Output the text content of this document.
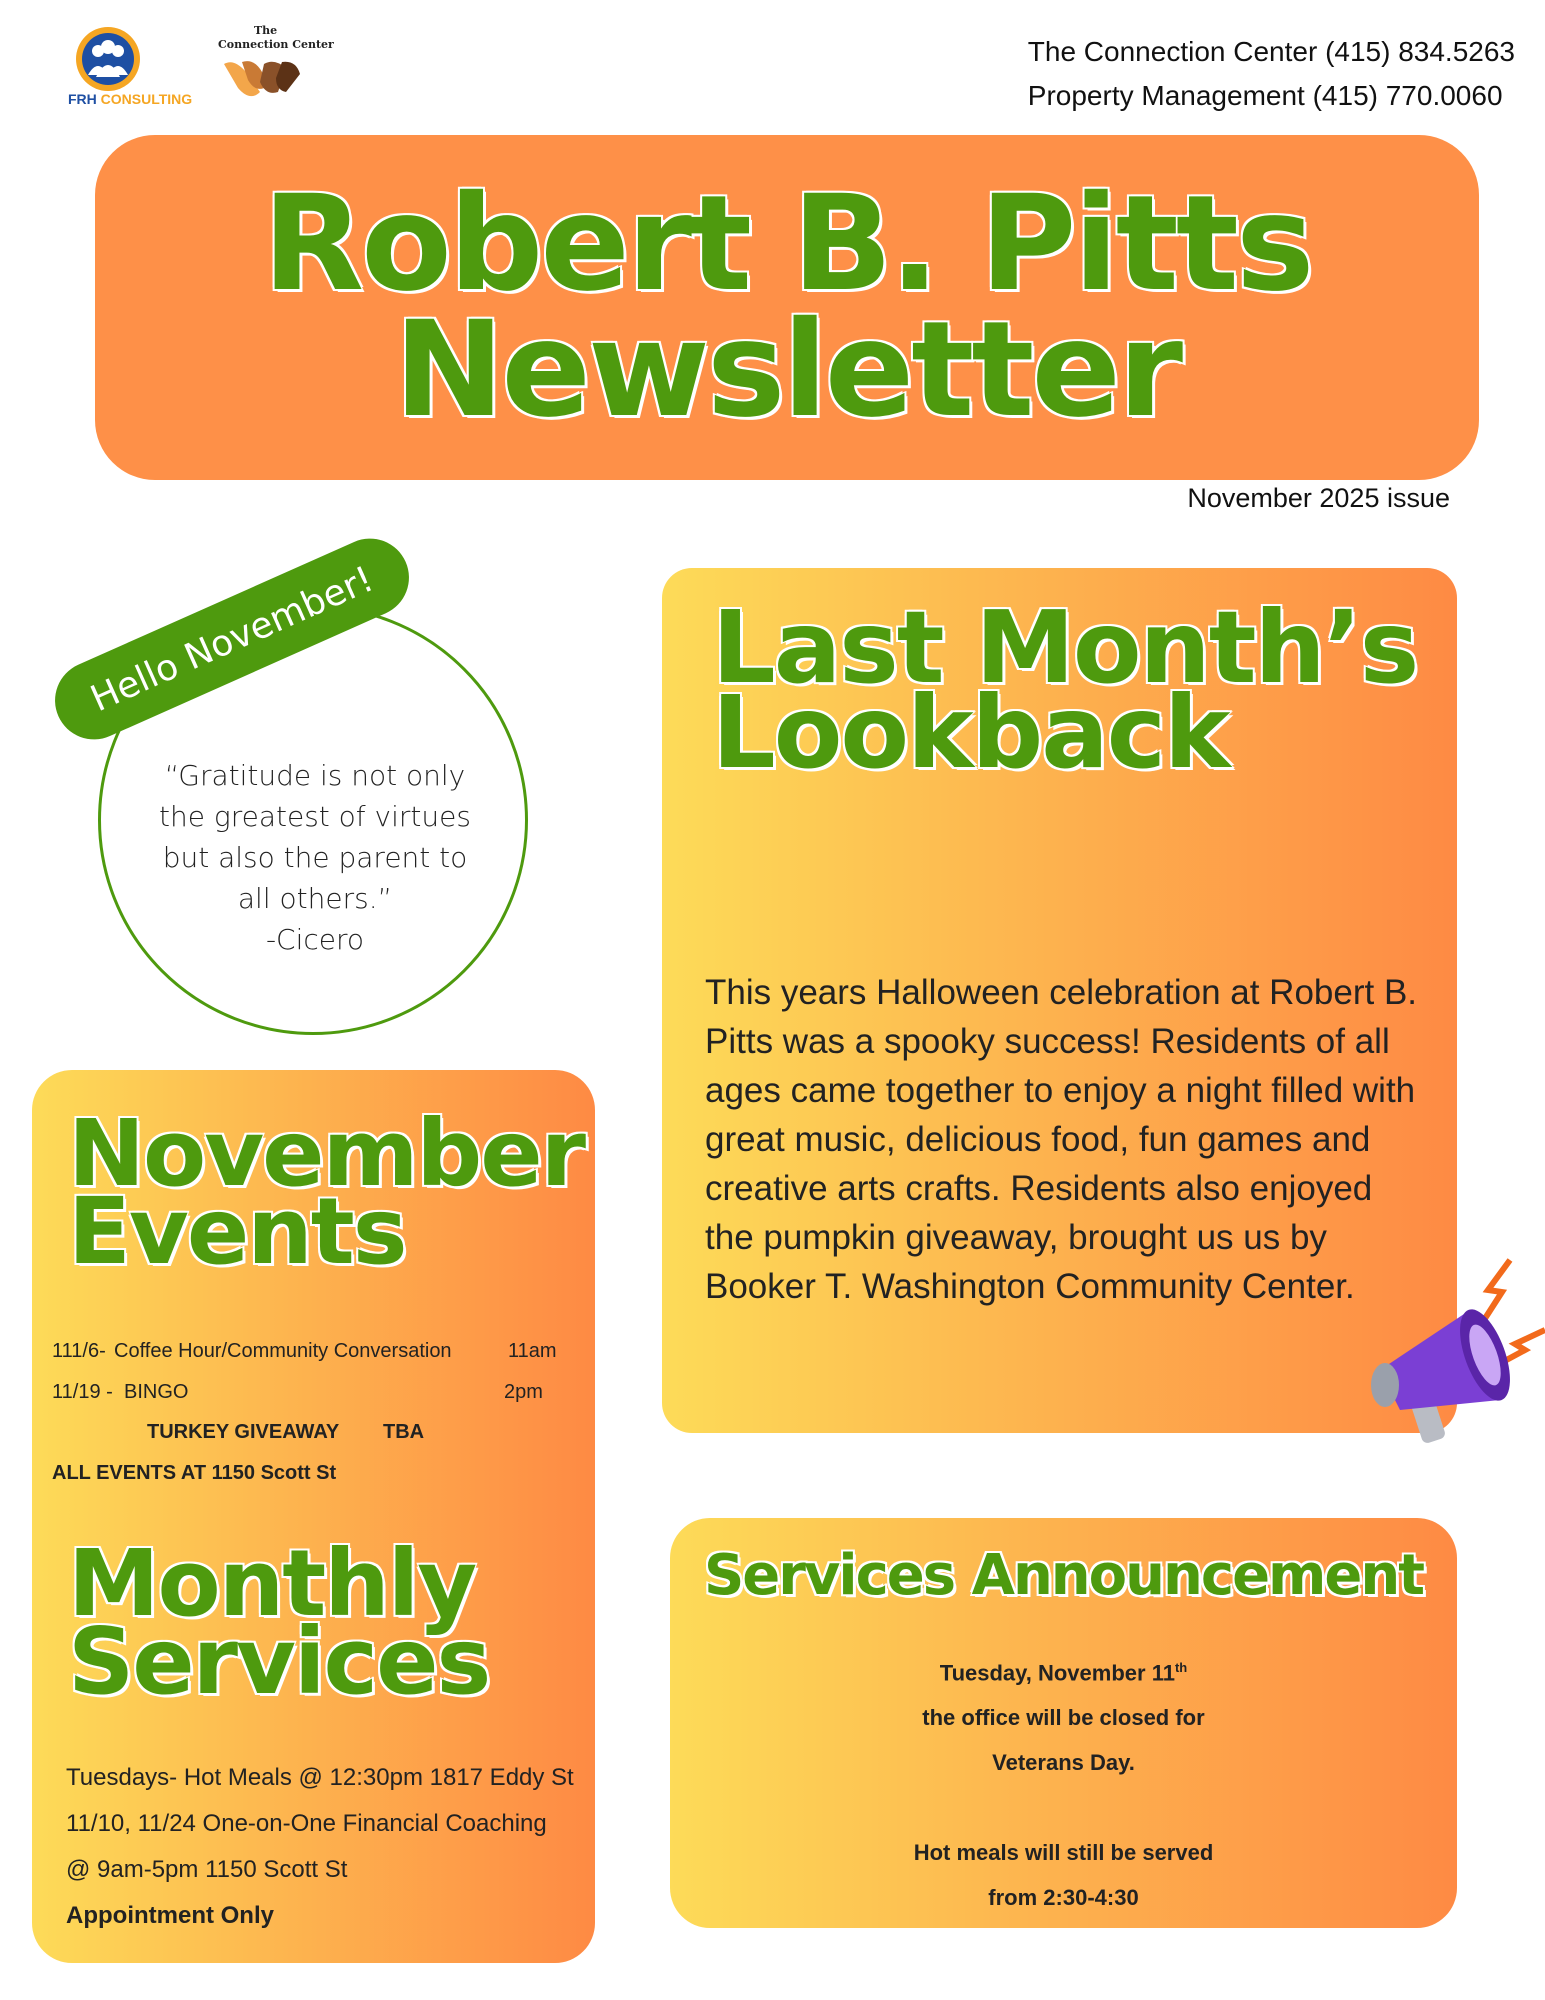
FRH CONSULTING
The
Connection Center	The Connection Center (415) 834.5263
Property Management (415) 770.0060
Robert B. Pitts
Newsletter
November 2025 issue
Hello November!
“Gratitude is not only
the greatest of virtues
but also the parent to
all others.”
-Cicero
Last Month’s
Lookback
This years Halloween celebration at Robert B. Pitts was a spooky success! Residents of all ages came together to enjoy a night filled with great music, delicious food, fun games and creative arts crafts. Residents also enjoyed the pumpkin giveaway, brought us us by Booker T. Washington Community Center.
November
Events
111/6- Coffee Hour/Community Conversation	11am
11/19 - BINGO	2pm
TURKEY GIVEAWAY TBA
ALL EVENTS AT 1150 Scott St
Monthly
Services
Tuesdays- Hot Meals @ 12:30pm 1817 Eddy St
11/10, 11/24 One-on-One Financial Coaching
@ 9am-5pm 1150 Scott St
Appointment Only
Services Announcement
Tuesday, November 11th
the office will be closed for
Veterans Day.
Hot meals will still be served
from 2:30-4:30
